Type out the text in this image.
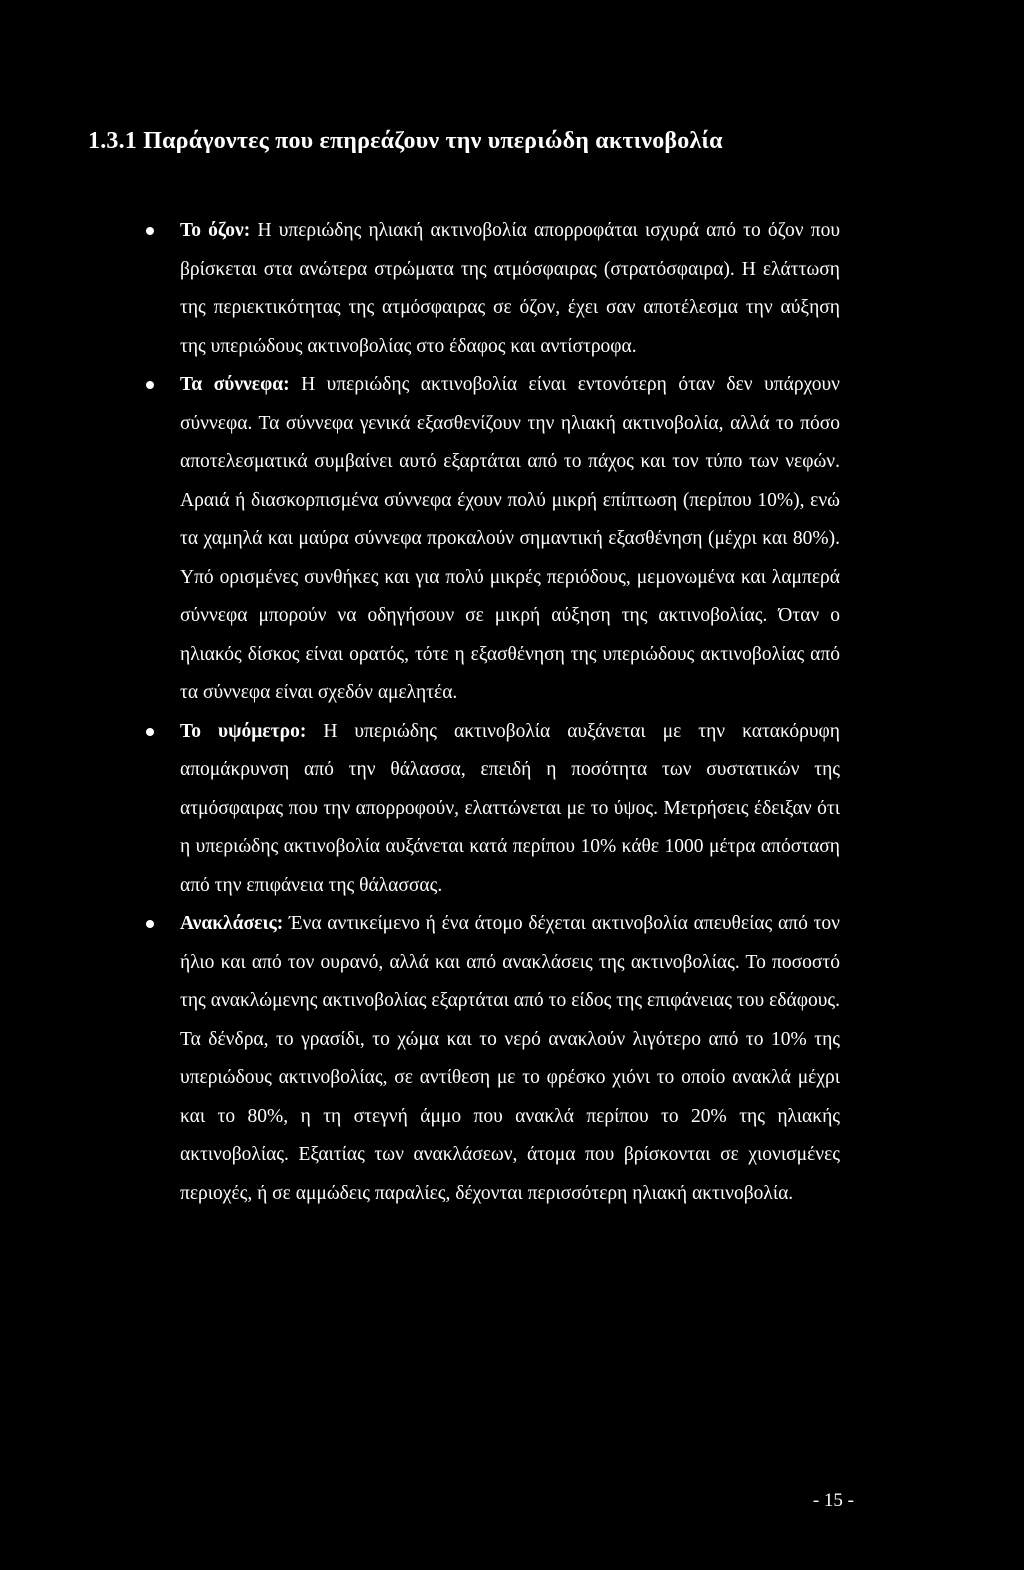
1.3.1 Παράγοντες που επηρεάζουν την υπεριώδη ακτινοβολία
Το όζον: Η υπεριώδης ηλιακή ακτινοβολία απορροφάται ισχυρά από το όζον που βρίσκεται στα ανώτερα στρώματα της ατμόσφαιρας (στρατόσφαιρα). Η ελάττωση της περιεκτικότητας της ατμόσφαιρας σε όζον, έχει σαν αποτέλεσμα την αύξηση της υπεριώδους ακτινοβολίας στο έδαφος και αντίστροφα.
Τα σύννεφα: Η υπεριώδης ακτινοβολία είναι εντονότερη όταν δεν υπάρχουν σύννεφα. Τα σύννεφα γενικά εξασθενίζουν την ηλιακή ακτινοβολία, αλλά το πόσο αποτελεσματικά συμβαίνει αυτό εξαρτάται από το πάχος και τον τύπο των νεφών. Αραιά ή διασκορπισμένα σύννεφα έχουν πολύ μικρή επίπτωση (περίπου 10%), ενώ τα χαμηλά και μαύρα σύννεφα προκαλούν σημαντική εξασθένηση (μέχρι και 80%). Υπό ορισμένες συνθήκες και για πολύ μικρές περιόδους, μεμονωμένα και λαμπερά σύννεφα μπορούν να οδηγήσουν σε μικρή αύξηση της ακτινοβολίας. Όταν ο ηλιακός δίσκος είναι ορατός, τότε η εξασθένηση της υπεριώδους ακτινοβολίας από τα σύννεφα είναι σχεδόν αμελητέα.
Το υψόμετρο: Η υπεριώδης ακτινοβολία αυξάνεται με την κατακόρυφη απομάκρυνση από την θάλασσα, επειδή η ποσότητα των συστατικών της ατμόσφαιρας που την απορροφούν, ελαττώνεται με το ύψος. Μετρήσεις έδειξαν ότι η υπεριώδης ακτινοβολία αυξάνεται κατά περίπου 10% κάθε 1000 μέτρα απόσταση από την επιφάνεια της θάλασσας.
Ανακλάσεις: Ένα αντικείμενο ή ένα άτομο δέχεται ακτινοβολία απευθείας από τον ήλιο και από τον ουρανό, αλλά και από ανακλάσεις της ακτινοβολίας. Το ποσοστό της ανακλώμενης ακτινοβολίας εξαρτάται από το είδος της επιφάνειας του εδάφους. Τα δένδρα, το γρασίδι, το χώμα και το νερό ανακλούν λιγότερο από το 10% της υπεριώδους ακτινοβολίας, σε αντίθεση με το φρέσκο χιόνι το οποίο ανακλά μέχρι και το 80%, η τη στεγνή άμμο που ανακλά περίπου το 20% της ηλιακής ακτινοβολίας. Εξαιτίας των ανακλάσεων, άτομα που βρίσκονται σε χιονισμένες περιοχές, ή σε αμμώδεις παραλίες, δέχονται περισσότερη ηλιακή ακτινοβολία.
- 15 -
